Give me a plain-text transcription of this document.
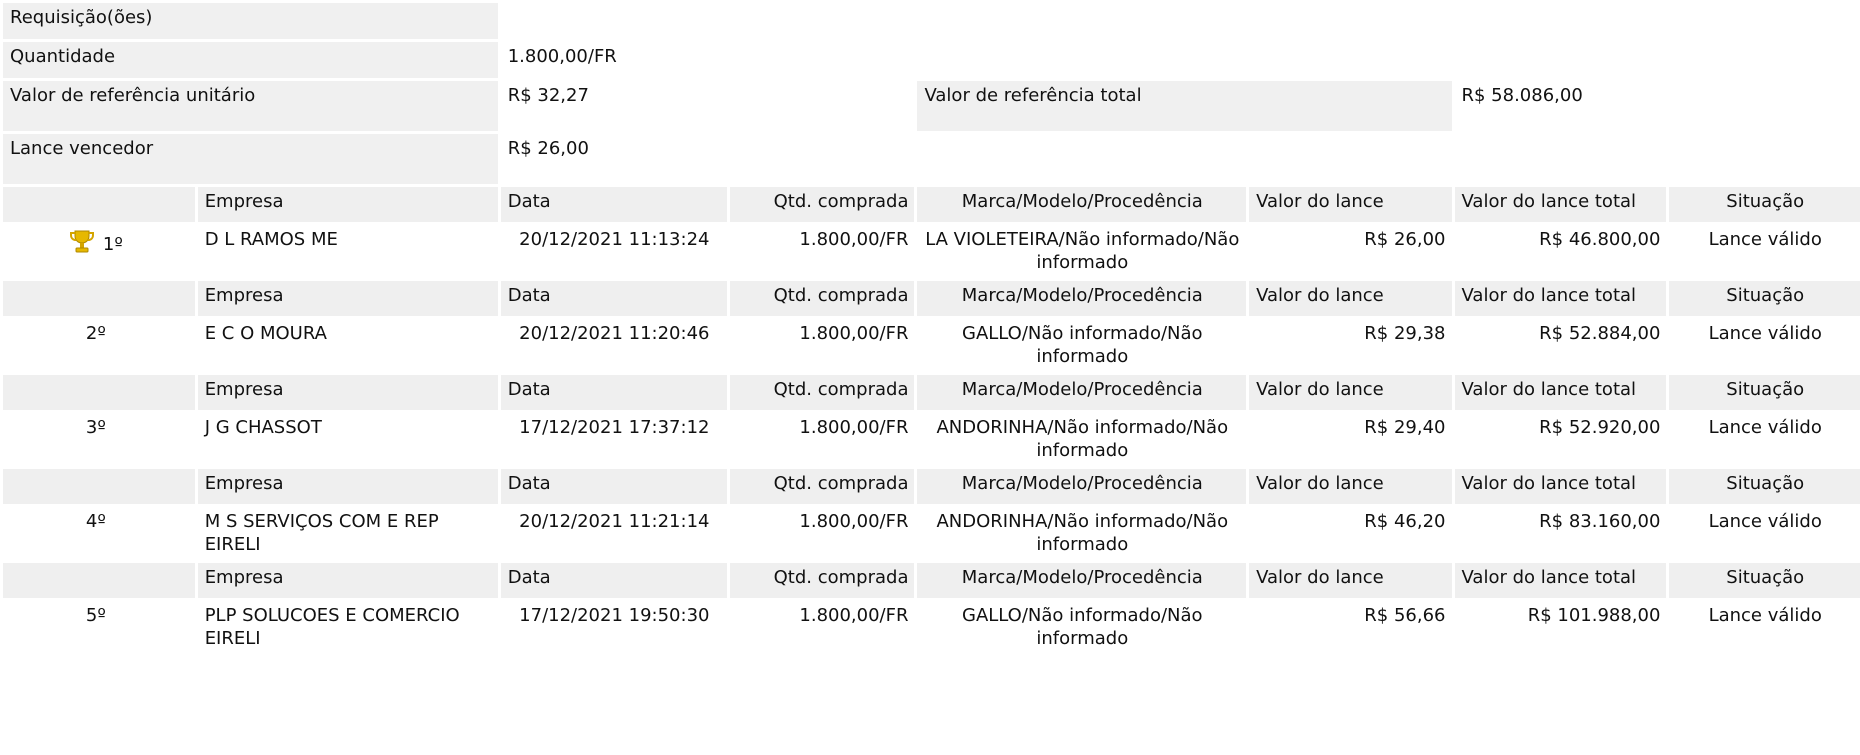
Requisição(ões)							
Quantidade		1.800,00/FR					
Valor de referência unitário		R$ 32,27		Valor de referência total		R$ 58.086,00	
Lance vencedor		R$ 26,00					
	Empresa	Data	Qtd. comprada	Marca/Modelo/Procedência	Valor do lance	Valor do lance total	Situação
1º	D L RAMOS ME	20/12/2021 11:13:24	1.800,00/FR	LA VIOLETEIRA/Não informado/Não informado	R$ 26,00	R$ 46.800,00	Lance válido
	Empresa	Data	Qtd. comprada	Marca/Modelo/Procedência	Valor do lance	Valor do lance total	Situação
2º	E C O MOURA	20/12/2021 11:20:46	1.800,00/FR	GALLO/Não informado/Não informado	R$ 29,38	R$ 52.884,00	Lance válido
	Empresa	Data	Qtd. comprada	Marca/Modelo/Procedência	Valor do lance	Valor do lance total	Situação
3º	J G CHASSOT	17/12/2021 17:37:12	1.800,00/FR	ANDORINHA/Não informado/Não informado	R$ 29,40	R$ 52.920,00	Lance válido
	Empresa	Data	Qtd. comprada	Marca/Modelo/Procedência	Valor do lance	Valor do lance total	Situação
4º	M S SERVIÇOS COM E REP EIRELI	20/12/2021 11:21:14	1.800,00/FR	ANDORINHA/Não informado/Não informado	R$ 46,20	R$ 83.160,00	Lance válido
	Empresa	Data	Qtd. comprada	Marca/Modelo/Procedência	Valor do lance	Valor do lance total	Situação
5º	PLP SOLUCOES E COMERCIO EIRELI	17/12/2021 19:50:30	1.800,00/FR	GALLO/Não informado/Não informado	R$ 56,66	R$ 101.988,00	Lance válido
